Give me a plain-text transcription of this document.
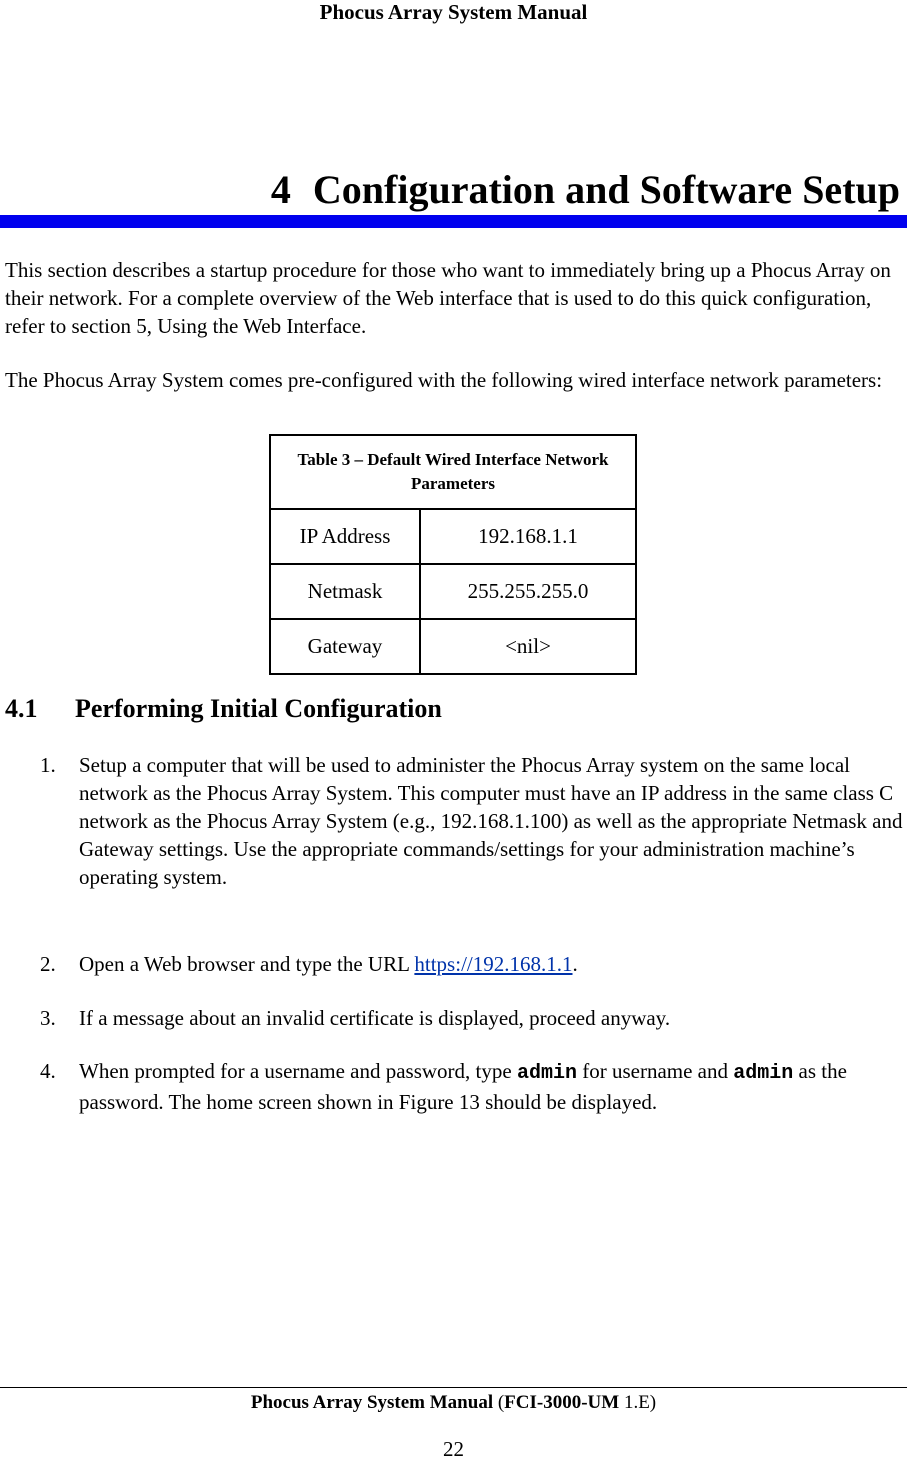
Phocus Array System Manual
4 Configuration and Software Setup
This section describes a startup procedure for those who want to immediately bring up a Phocus Array on their network. For a complete overview of the Web interface that is used to do this quick configuration, refer to section 5, Using the Web Interface.
The Phocus Array System comes pre-configured with the following wired interface network parameters:
Table 3 – Default Wired Interface Network Parameters	
IP Address	192.168.1.1
Netmask	255.255.255.0
Gateway	<nil>
4.1 Performing Initial Configuration
1. Setup a computer that will be used to administer the Phocus Array system on the same local network as the Phocus Array System. This computer must have an IP address in the same class C network as the Phocus Array System (e.g., 192.168.1.100) as well as the appropriate Netmask and Gateway settings. Use the appropriate commands/settings for your administration machine’s operating system.
2. Open a Web browser and type the URL https://192.168.1.1.
3. If a message about an invalid certificate is displayed, proceed anyway.
4. When prompted for a username and password, type admin for username and admin as the password. The home screen shown in Figure 13 should be displayed.
Phocus Array System Manual (FCI-3000-UM 1.E)
22
